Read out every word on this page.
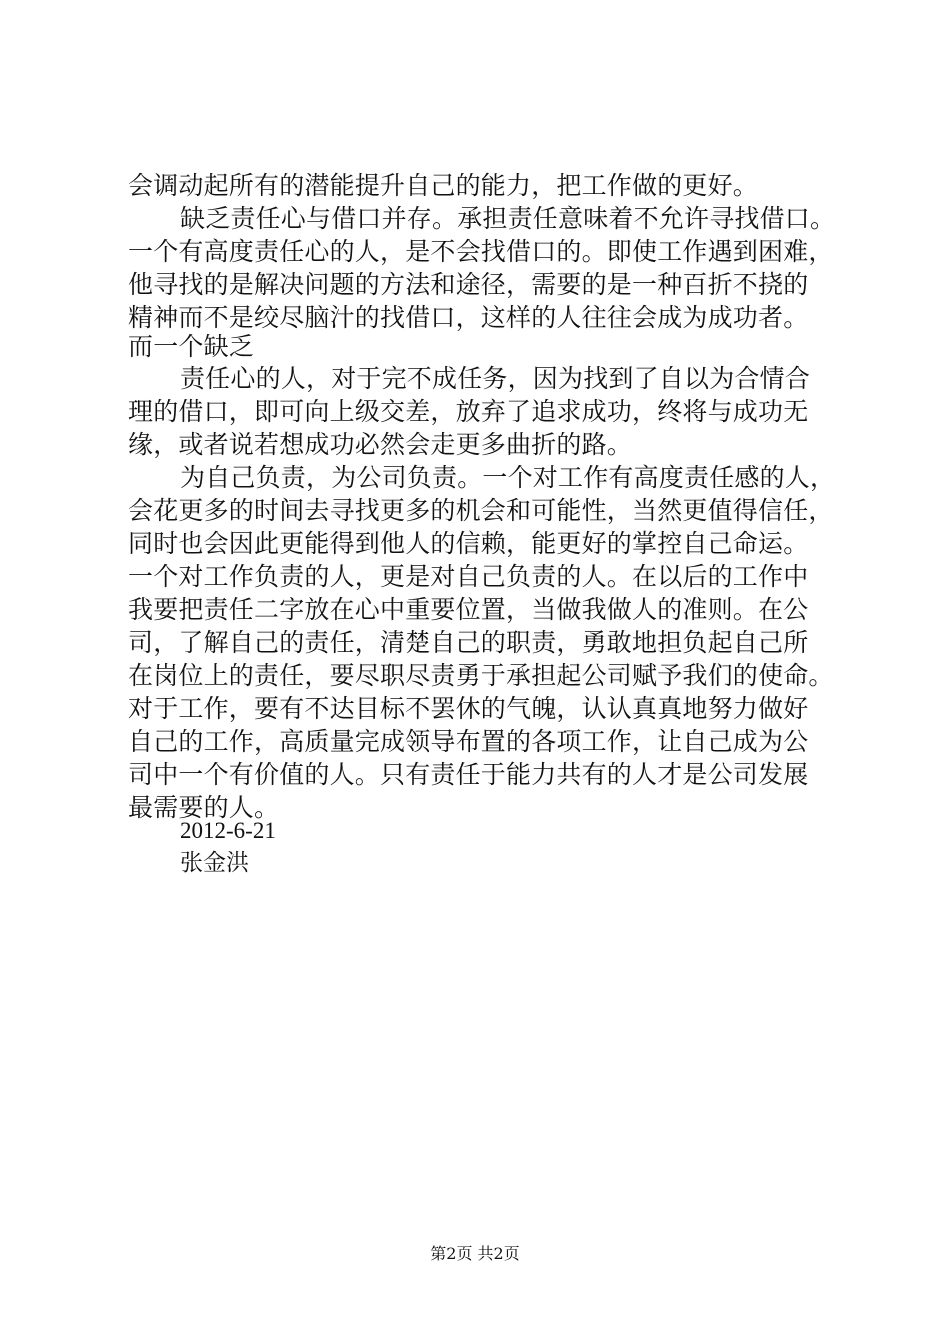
会调动起所有的潜能提升自己的能力，把工作做的更好。
缺乏责任心与借口并存。承担责任意味着不允许寻找借口。
一个有高度责任心的人，是不会找借口的。即使工作遇到困难，
他寻找的是解决问题的方法和途径，需要的是一种百折不挠的
精神而不是绞尽脑汁的找借口，这样的人往往会成为成功者。
而一个缺乏
责任心的人，对于完不成任务，因为找到了自以为合情合
理的借口，即可向上级交差，放弃了追求成功，终将与成功无
缘，或者说若想成功必然会走更多曲折的路。
为自己负责，为公司负责。一个对工作有高度责任感的人，
会花更多的时间去寻找更多的机会和可能性，当然更值得信任，
同时也会因此更能得到他人的信赖，能更好的掌控自己命运。
一个对工作负责的人，更是对自己负责的人。在以后的工作中
我要把责任二字放在心中重要位置，当做我做人的准则。在公
司，了解自己的责任，清楚自己的职责，勇敢地担负起自己所
在岗位上的责任，要尽职尽责勇于承担起公司赋予我们的使命。
对于工作，要有不达目标不罢休的气魄，认认真真地努力做好
自己的工作，高质量完成领导布置的各项工作，让自己成为公
司中一个有价值的人。只有责任于能力共有的人才是公司发展
最需要的人。
2012-6-21
张金洪
第2页 共2页
